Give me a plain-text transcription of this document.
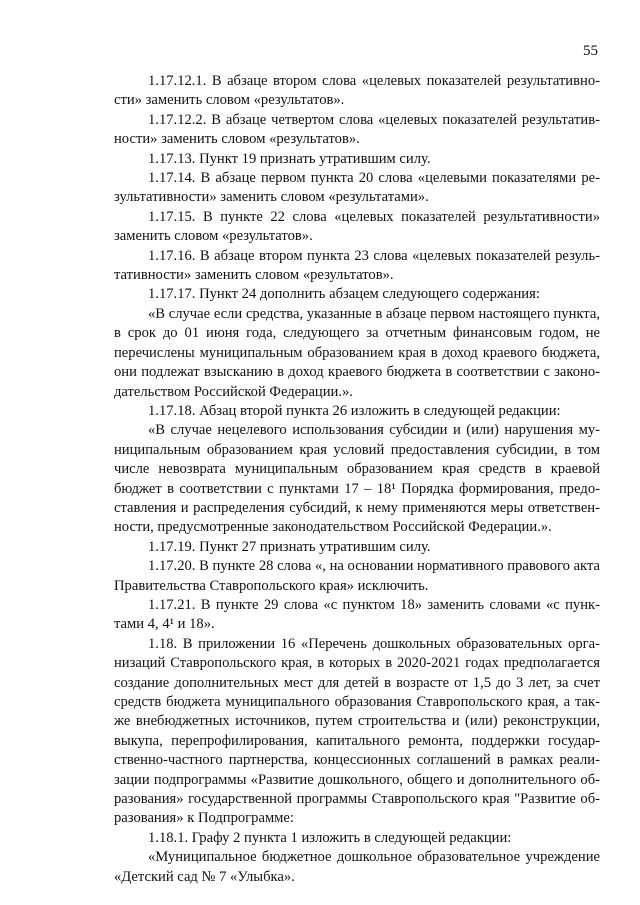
55

1.17.12.1. В абзаце втором слова «целевых показателей результативности» заменить словом «результатов».

1.17.12.2. В абзаце четвертом слова «целевых показателей результативности» заменить словом «результатов».

1.17.13. Пункт 19 признать утратившим силу.

1.17.14. В абзаце первом пункта 20 слова «целевыми показателями результативности» заменить словом «результатами».

1.17.15. В пункте 22 слова «целевых показателей результативности» заменить словом «результатов».

1.17.16. В абзаце втором пункта 23 слова «целевых показателей результативности» заменить словом «результатов».

1.17.17. Пункт 24 дополнить абзацем следующего содержания:

«В случае если средства, указанные в абзаце первом настоящего пункта, в срок до 01 июня года, следующего за отчетным финансовым годом, не перечислены муниципальным образованием края в доход краевого бюджета, они подлежат взысканию в доход краевого бюджета в соответствии с законодательством Российской Федерации.».

1.17.18. Абзац второй пункта 26 изложить в следующей редакции:

«В случае нецелевого использования субсидии и (или) нарушения муниципальным образованием края условий предоставления субсидии, в том числе невозврата муниципальным образованием края средств в краевой бюджет в соответствии с пунктами 17 – 18¹ Порядка формирования, предоставления и распределения субсидий, к нему применяются меры ответственности, предусмотренные законодательством Российской Федерации.».

1.17.19. Пункт 27 признать утратившим силу.

1.17.20. В пункте 28 слова «, на основании нормативного правового акта Правительства Ставропольского края» исключить.

1.17.21. В пункте 29 слова «с пунктом 18» заменить словами «с пунктами 4, 4¹ и 18».

1.18. В приложении 16 «Перечень дошкольных образовательных организаций Ставропольского края, в которых в 2020-2021 годах предполагается создание дополнительных мест для детей в возрасте от 1,5 до 3 лет, за счет средств бюджета муниципального образования Ставропольского края, а также внебюджетных источников, путем строительства и (или) реконструкции, выкупа, перепрофилирования, капитального ремонта, поддержки государственно-частного партнерства, концессионных соглашений в рамках реализации подпрограммы «Развитие дошкольного, общего и дополнительного образования» государственной программы Ставропольского края "Развитие образования» к Подпрограмме:

1.18.1. Графу 2 пункта 1 изложить в следующей редакции:

«Муниципальное бюджетное дошкольное образовательное учреждение «Детский сад № 7 «Улыбка».
